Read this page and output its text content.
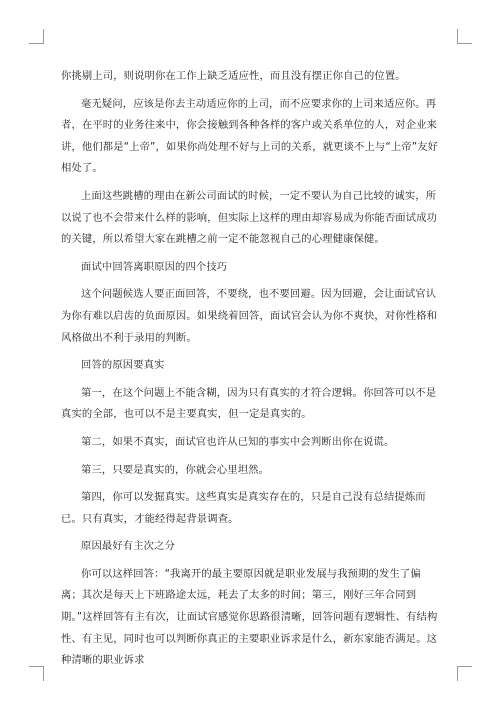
你挑剔上司，则说明你在工作上缺乏适应性，而且没有摆正你自己的位置。

毫无疑问，应该是你去主动适应你的上司，而不应要求你的上司来适应你。再者，在平时的业务往来中，你会接触到各种各样的客户或关系单位的人，对企业来讲，他们都是“上帝”，如果你尚处理不好与上司的关系，就更谈不上与“上帝”友好相处了。

上面这些跳槽的理由在新公司面试的时候，一定不要认为自己比较的诚实，所以说了也不会带来什么样的影响，但实际上这样的理由却容易成为你能否面试成功的关键，所以希望大家在跳槽之前一定不能忽视自己的心理健康保健。

面试中回答离职原因的四个技巧

这个问题候选人要正面回答，不要绕，也不要回避。因为回避，会让面试官认为你有难以启齿的负面原因。如果绕着回答，面试官会认为你不爽快，对你性格和风格做出不利于录用的判断。

回答的原因要真实

第一，在这个问题上不能含糊，因为只有真实的才符合逻辑。你回答可以不是真实的全部，也可以不是主要真实，但一定是真实的。

第二，如果不真实，面试官也许从已知的事实中会判断出你在说谎。

第三，只要是真实的，你就会心里坦然。

第四，你可以发掘真实。这些真实是真实存在的，只是自己没有总结提炼而已。只有真实，才能经得起背景调查。

原因最好有主次之分

你可以这样回答：“我离开的最主要原因就是职业发展与我预期的发生了偏离；其次是每天上下班路途太远，耗去了太多的时间；第三，刚好三年合同到期。”这样回答有主有次，让面试官感觉你思路很清晰，回答问题有逻辑性、有结构性、有主见，同时也可以判断你真正的主要职业诉求是什么，新东家能否满足。这种清晰的职业诉求
